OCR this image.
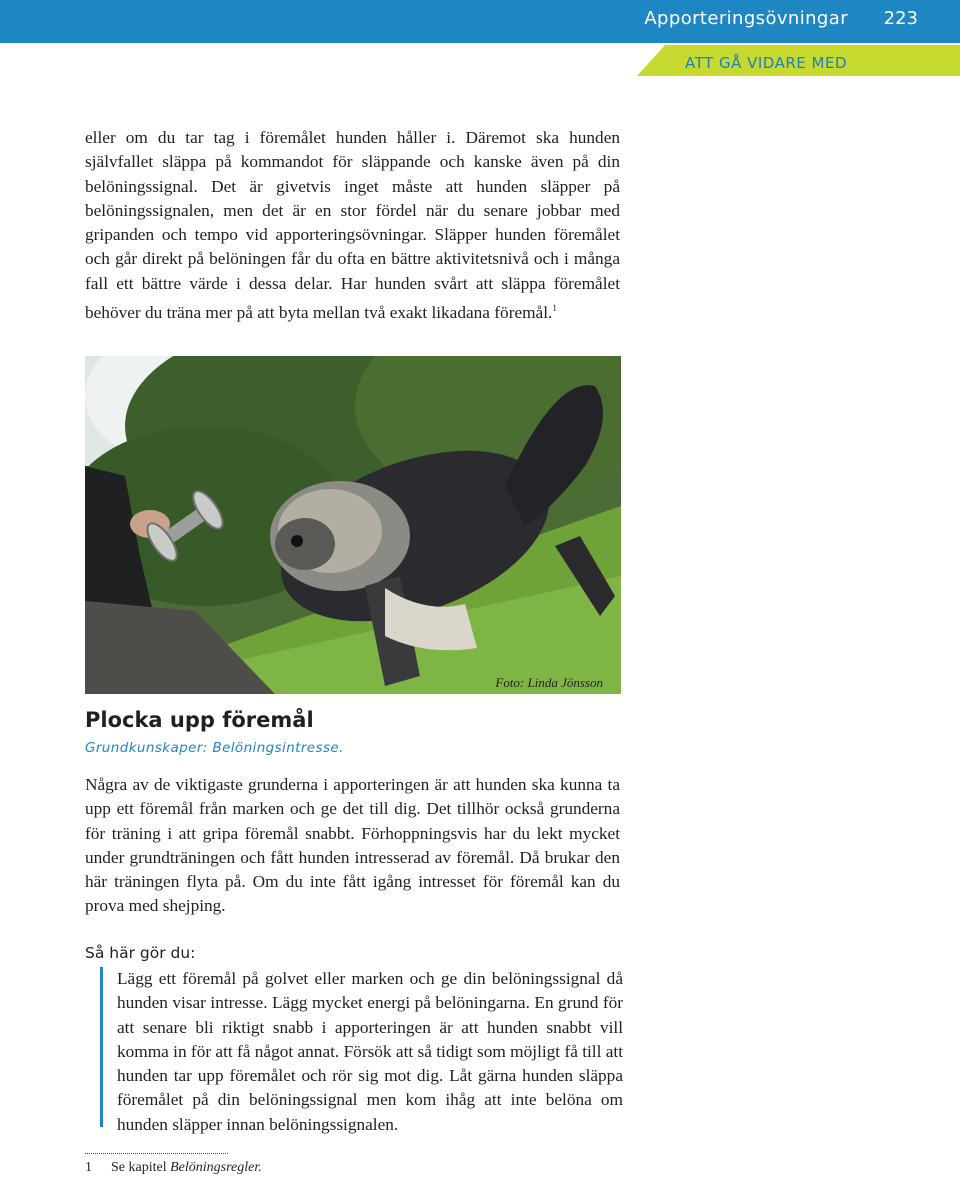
Apporteringsövningar 223
ATT GÅ VIDARE MED

eller om du tar tag i föremålet hunden håller i. Däremot ska hunden självfallet släppa på kommandot för släppande och kanske även på din belöningssignal. Det är givetvis inget måste att hunden släpper på belöningssignalen, men det är en stor fördel när du senare jobbar med gripanden och tempo vid apporteringsövningar. Släpper hunden föremålet och går direkt på belöningen får du ofta en bättre aktivitetsnivå och i många fall ett bättre värde i dessa delar. Har hunden svårt att släppa föremålet behöver du träna mer på att byta mellan två exakt likadana föremål.$^1$

Foto: Linda Jönsson
Plocka upp föremål
Grundkunskaper: Belöningsintresse.

Några av de viktigaste grunderna i apporteringen är att hunden ska kunna ta upp ett föremål från marken och ge det till dig. Det tillhör också grunderna för träning i att gripa föremål snabbt. Förhoppningsvis har du lekt mycket under grundträningen och fått hunden intresserad av föremål. Då brukar den här träningen flyta på. Om du inte fått igång intresset för föremål kan du prova med shejping.

Så här gör du:

Lägg ett föremål på golvet eller marken och ge din belöningssignal då hunden visar intresse. Lägg mycket energi på belöningarna. En grund för att senare bli riktigt snabb i apporteringen är att hunden snabbt vill komma in för att få något annat. Försök att så tidigt som möjligt få till att hunden tar upp föremålet och rör sig mot dig. Låt gärna hunden släppa föremålet på din belöningssignal men kom ihåg att inte belöna om hunden släpper innan belöningssignalen.

1 Se kapitel Belöningsregler.
